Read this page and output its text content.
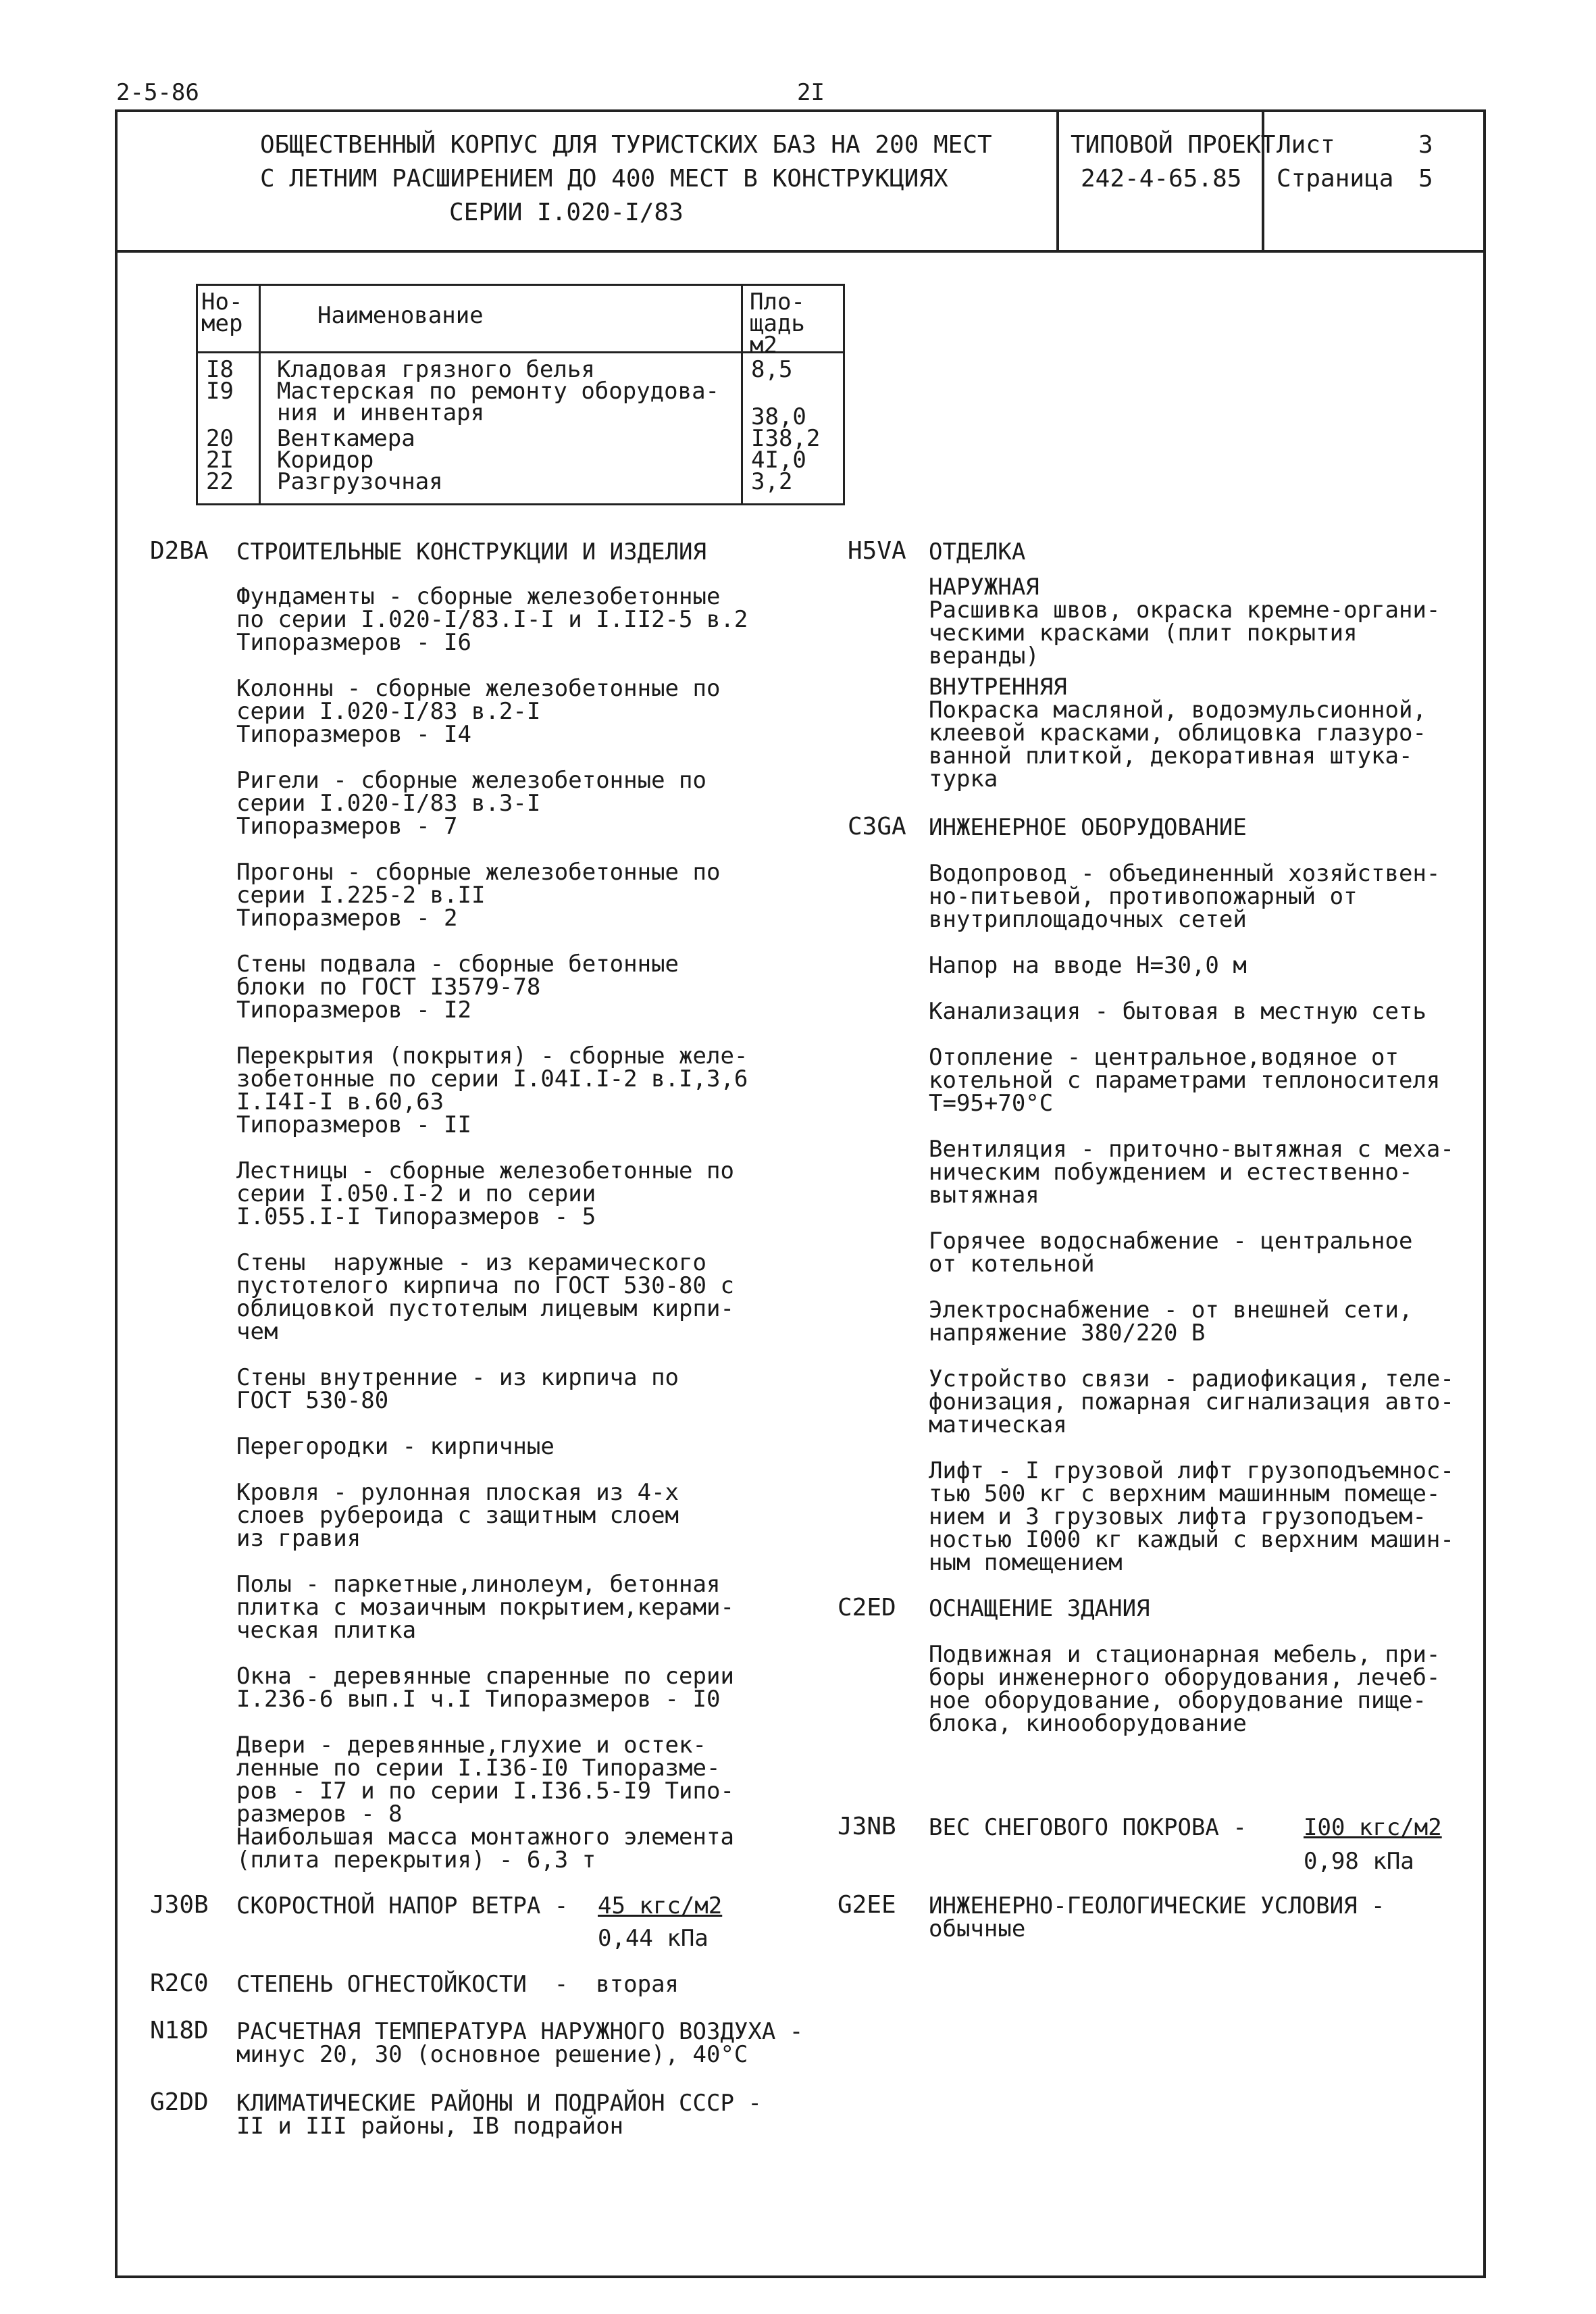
2-5-86	2I
ОБЩЕСТВЕННЫЙ КОРПУС ДЛЯ ТУРИСТСКИХ БАЗ НА 200 МЕСТ
С ЛЕТНИМ РАСШИРЕНИЕМ ДО 400 МЕСТ В КОНСТРУКЦИЯХ
СЕРИИ I.020-I/83
ТИПОВОЙ ПРОЕКТ
242-4-65.85
Лист	3
Страница 5
Но-
мер	Наименование	Пло-
щадь
м2
I8 Кладовая грязного белья	8,5
I9 Мастерская по ремонту оборудова-
ния и инвентаря	38,0
20 Венткамера	I38,2
2I Коридор	4I,0
22 Разгрузочная	3,2
D2BA СТРОИТЕЛЬНЫЕ КОНСТРУКЦИИ И ИЗДЕЛИЯ
Фундаменты - сборные железобетонные
по серии I.020-I/83.I-I и I.II2-5 в.2
Типоразмеров - I6
Колонны - сборные железобетонные по
серии I.020-I/83 в.2-I
Типоразмеров - I4
Ригели - сборные железобетонные по
серии I.020-I/83 в.3-I
Типоразмеров - 7
Прогоны - сборные железобетонные по
серии I.225-2 в.II
Типоразмеров - 2
Стены подвала - сборные бетонные
блоки по ГОСТ I3579-78
Типоразмеров - I2
Перекрытия (покрытия) - сборные желе-
зобетонные по серии I.04I.I-2 в.I,3,6
I.I4I-I в.60,63
Типоразмеров - II
Лестницы - сборные железобетонные по
серии I.050.I-2 и по серии
I.055.I-I Типоразмеров - 5
Стены  наружные - из керамического
пустотелого кирпича по ГОСТ 530-80 с
облицовкой пустотелым лицевым кирпи-
чем
Стены внутренние - из кирпича по
ГОСТ 530-80
Перегородки - кирпичные
Кровля - рулонная плоская из 4-х
слоев рубероида с защитным слоем
из гравия
Полы - паркетные,линолеум, бетонная
плитка с мозаичным покрытием,керами-
ческая плитка
Окна - деревянные спаренные по серии
I.236-6 вып.I ч.I Типоразмеров - I0
Двери - деревянные,глухие и остек-
ленные по серии I.I36-I0 Типоразме-
ров - I7 и по серии I.I36.5-I9 Типо-
размеров - 8
Наибольшая масса монтажного элемента
(плита перекрытия) - 6,3 т
J30B СКОРОСТНОЙ НАПОР ВЕТРА - 45 кгс/м2
0,44 кПа
R2C0 СТЕПЕНЬ ОГНЕСТОЙКОСТИ  -  вторая
N18D РАСЧЕТНАЯ ТЕМПЕРАТУРА НАРУЖНОГО ВОЗДУХА -
минус 20, 30 (основное решение), 40°С
G2DD КЛИМАТИЧЕСКИЕ РАЙОНЫ И ПОДРАЙОН СССР -
II и III районы, IB подрайон
H5VA ОТДЕЛКА
НАРУЖНАЯ
Расшивка швов, окраска кремне-органи-
ческими красками (плит покрытия
веранды)
ВНУТРЕННЯЯ
Покраска масляной, водоэмульсионной,
клеевой красками, облицовка глазуро-
ванной плиткой, декоративная штука-
турка
C3GA ИНЖЕНЕРНОЕ ОБОРУДОВАНИЕ
Водопровод - объединенный хозяйствен-
но-питьевой, противопожарный от
внутриплощадочных сетей
Напор на вводе Н=30,0 м
Канализация - бытовая в местную сеть
Отопление - центральное,водяное от
котельной с параметрами теплоносителя
Т=95+70°С
Вентиляция - приточно-вытяжная с меха-
ническим побуждением и естественно-
вытяжная
Горячее водоснабжение - центральное
от котельной
Электроснабжение - от внешней сети,
напряжение 380/220 В
Устройство связи - радиофикация, теле-
фонизация, пожарная сигнализация авто-
матическая
Лифт - I грузовой лифт грузоподъемнос-
тью 500 кг с верхним машинным помеще-
нием и 3 грузовых лифта грузоподъем-
ностью I000 кг каждый с верхним машин-
ным помещением
C2ED ОСНАЩЕНИЕ ЗДАНИЯ
Подвижная и стационарная мебель, при-
боры инженерного оборудования, лечеб-
ное оборудование, оборудование пище-
блока, кинооборудование
J3NB ВЕС СНЕГОВОГО ПОКРОВА - I00 кгс/м2
0,98 кПа
G2EE ИНЖЕНЕРНО-ГЕОЛОГИЧЕСКИЕ УСЛОВИЯ -
обычные
